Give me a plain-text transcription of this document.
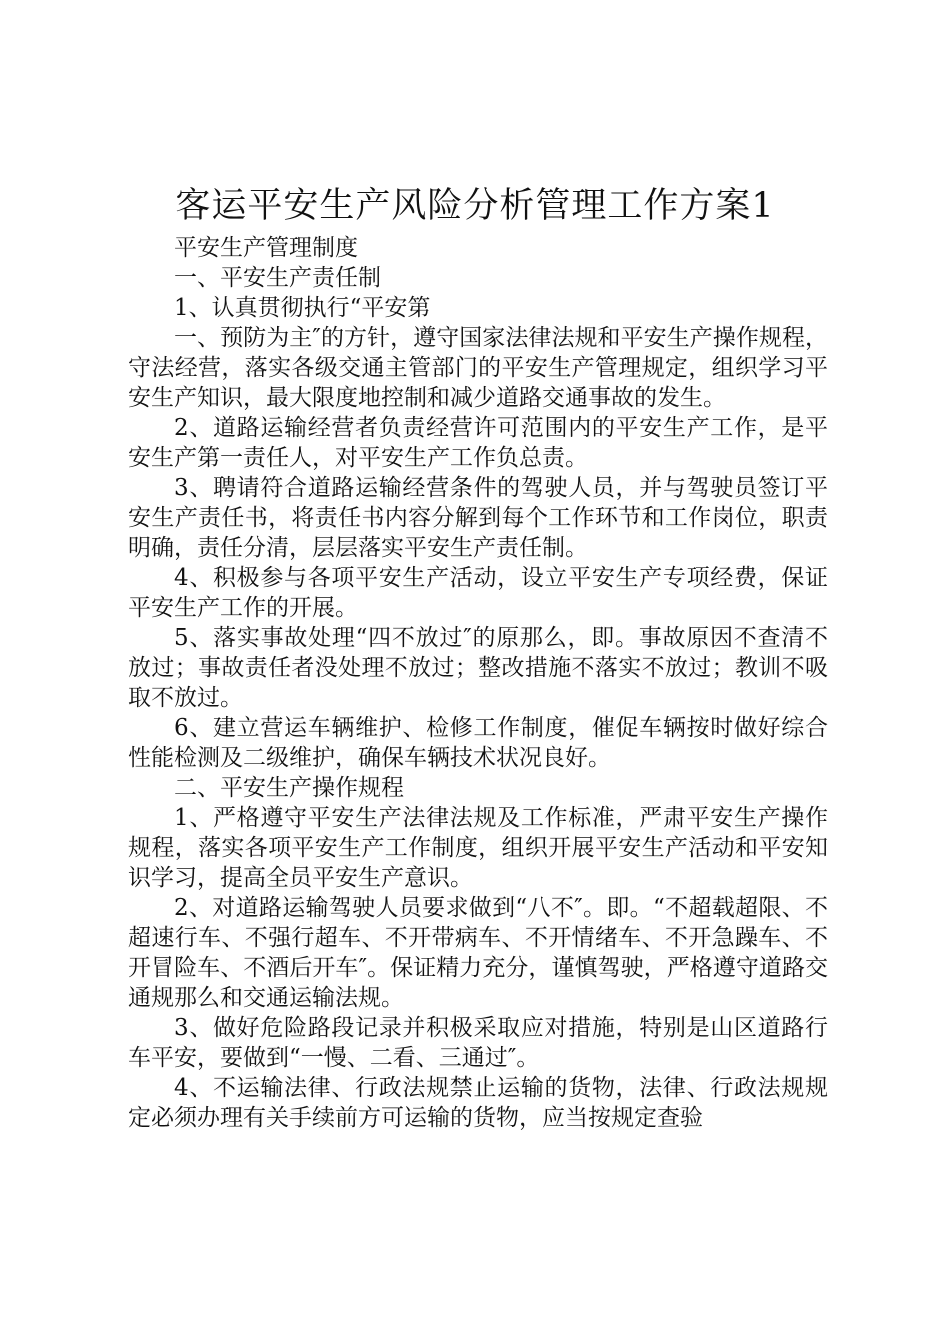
客运平安生产风险分析管理工作方案1

平安生产管理制度

一、平安生产责任制

1、认真贯彻执行“平安第

一、预防为主″的方针，遵守国家法律法规和平安生产操作规程，守法经营，落实各级交通主管部门的平安生产管理规定，组织学习平安生产知识，最大限度地控制和减少道路交通事故的发生。

2、道路运输经营者负责经营许可范围内的平安生产工作，是平安生产第一责任人，对平安生产工作负总责。

3、聘请符合道路运输经营条件的驾驶人员，并与驾驶员签订平安生产责任书，将责任书内容分解到每个工作环节和工作岗位，职责明确，责任分清，层层落实平安生产责任制。

4、积极参与各项平安生产活动，设立平安生产专项经费，保证平安生产工作的开展。

5、落实事故处理“四不放过″的原那么，即。事故原因不查清不放过；事故责任者没处理不放过；整改措施不落实不放过；教训不吸取不放过。

6、建立营运车辆维护、检修工作制度，催促车辆按时做好综合性能检测及二级维护，确保车辆技术状况良好。

二、平安生产操作规程

1、严格遵守平安生产法律法规及工作标准，严肃平安生产操作规程，落实各项平安生产工作制度，组织开展平安生产活动和平安知识学习，提高全员平安生产意识。

2、对道路运输驾驶人员要求做到“八不″。即。“不超载超限、不超速行车、不强行超车、不开带病车、不开情绪车、不开急躁车、不开冒险车、不酒后开车″。保证精力充分，谨慎驾驶，严格遵守道路交通规那么和交通运输法规。

3、做好危险路段记录并积极采取应对措施，特别是山区道路行车平安，要做到“一慢、二看、三通过″。

4、不运输法律、行政法规禁止运输的货物，法律、行政法规规定必须办理有关手续前方可运输的货物，应当按规定查验
